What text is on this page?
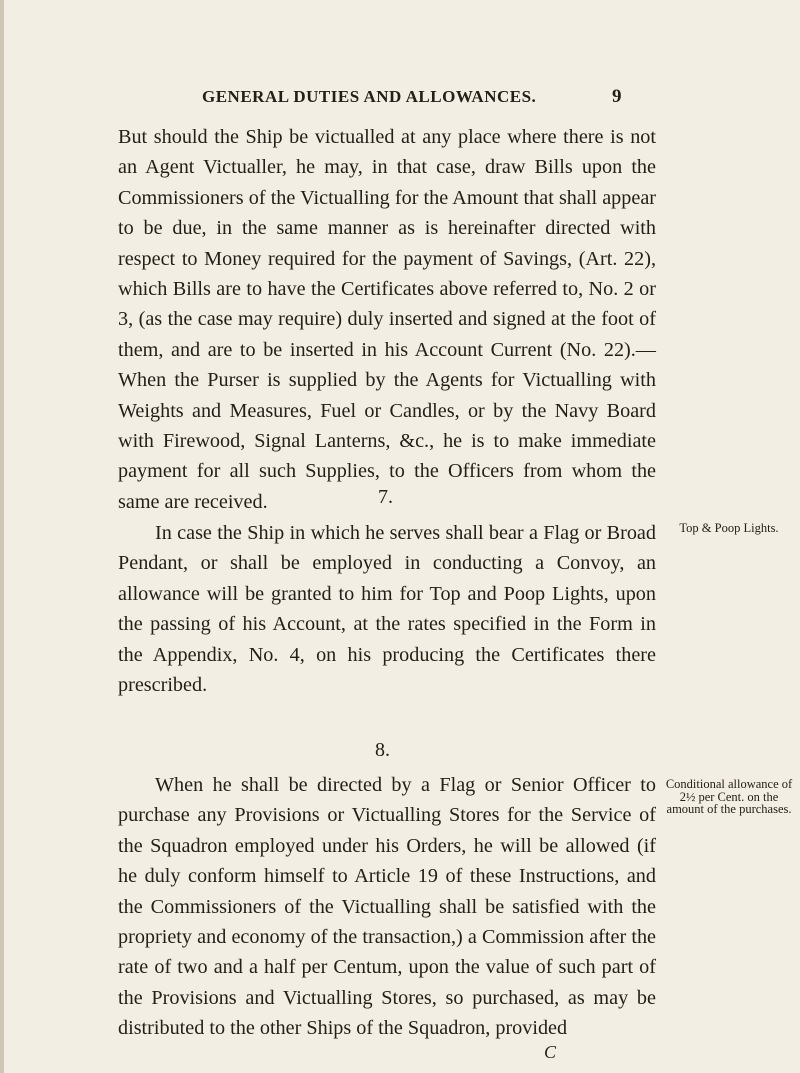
GENERAL DUTIES AND ALLOWANCES.	9
But should the Ship be victualled at any place where there is not an Agent Victualler, he may, in that case, draw Bills upon the Commissioners of the Victualling for the Amount that shall appear to be due, in the same manner as is hereinafter directed with respect to Money required for the payment of Savings, (Art. 22), which Bills are to have the Certificates above referred to, No. 2 or 3, (as the case may require) duly inserted and signed at the foot of them, and are to be inserted in his Account Current (No. 22).—When the Purser is supplied by the Agents for Victualling with Weights and Measures, Fuel or Candles, or by the Navy Board with Firewood, Signal Lanterns, &c., he is to make immediate payment for all such Supplies, to the Officers from whom the same are received.	7.
In case the Ship in which he serves shall bear a Flag or Broad Pendant, or shall be employed in conducting a Convoy, an allowance will be granted to him for Top and Poop Lights, upon the passing of his Account, at the rates specified in the Form in the Appendix, No. 4, on his producing the Certificates there prescribed.
Top & Poop Lights.
8.
When he shall be directed by a Flag or Senior Officer to purchase any Provisions or Victualling Stores for the Service of the Squadron employed under his Orders, he will be allowed (if he duly conform himself to Article 19 of these Instructions, and the Commissioners of the Victualling shall be satisfied with the propriety and economy of the transaction,) a Commission after the rate of two and a half per Centum, upon the value of such part of the Provisions and Victualling Stores, so purchased, as may be distributed to the other Ships of the Squadron, provided
Conditional allowance of 2½ per Cent. on the amount of the purchases.
C
